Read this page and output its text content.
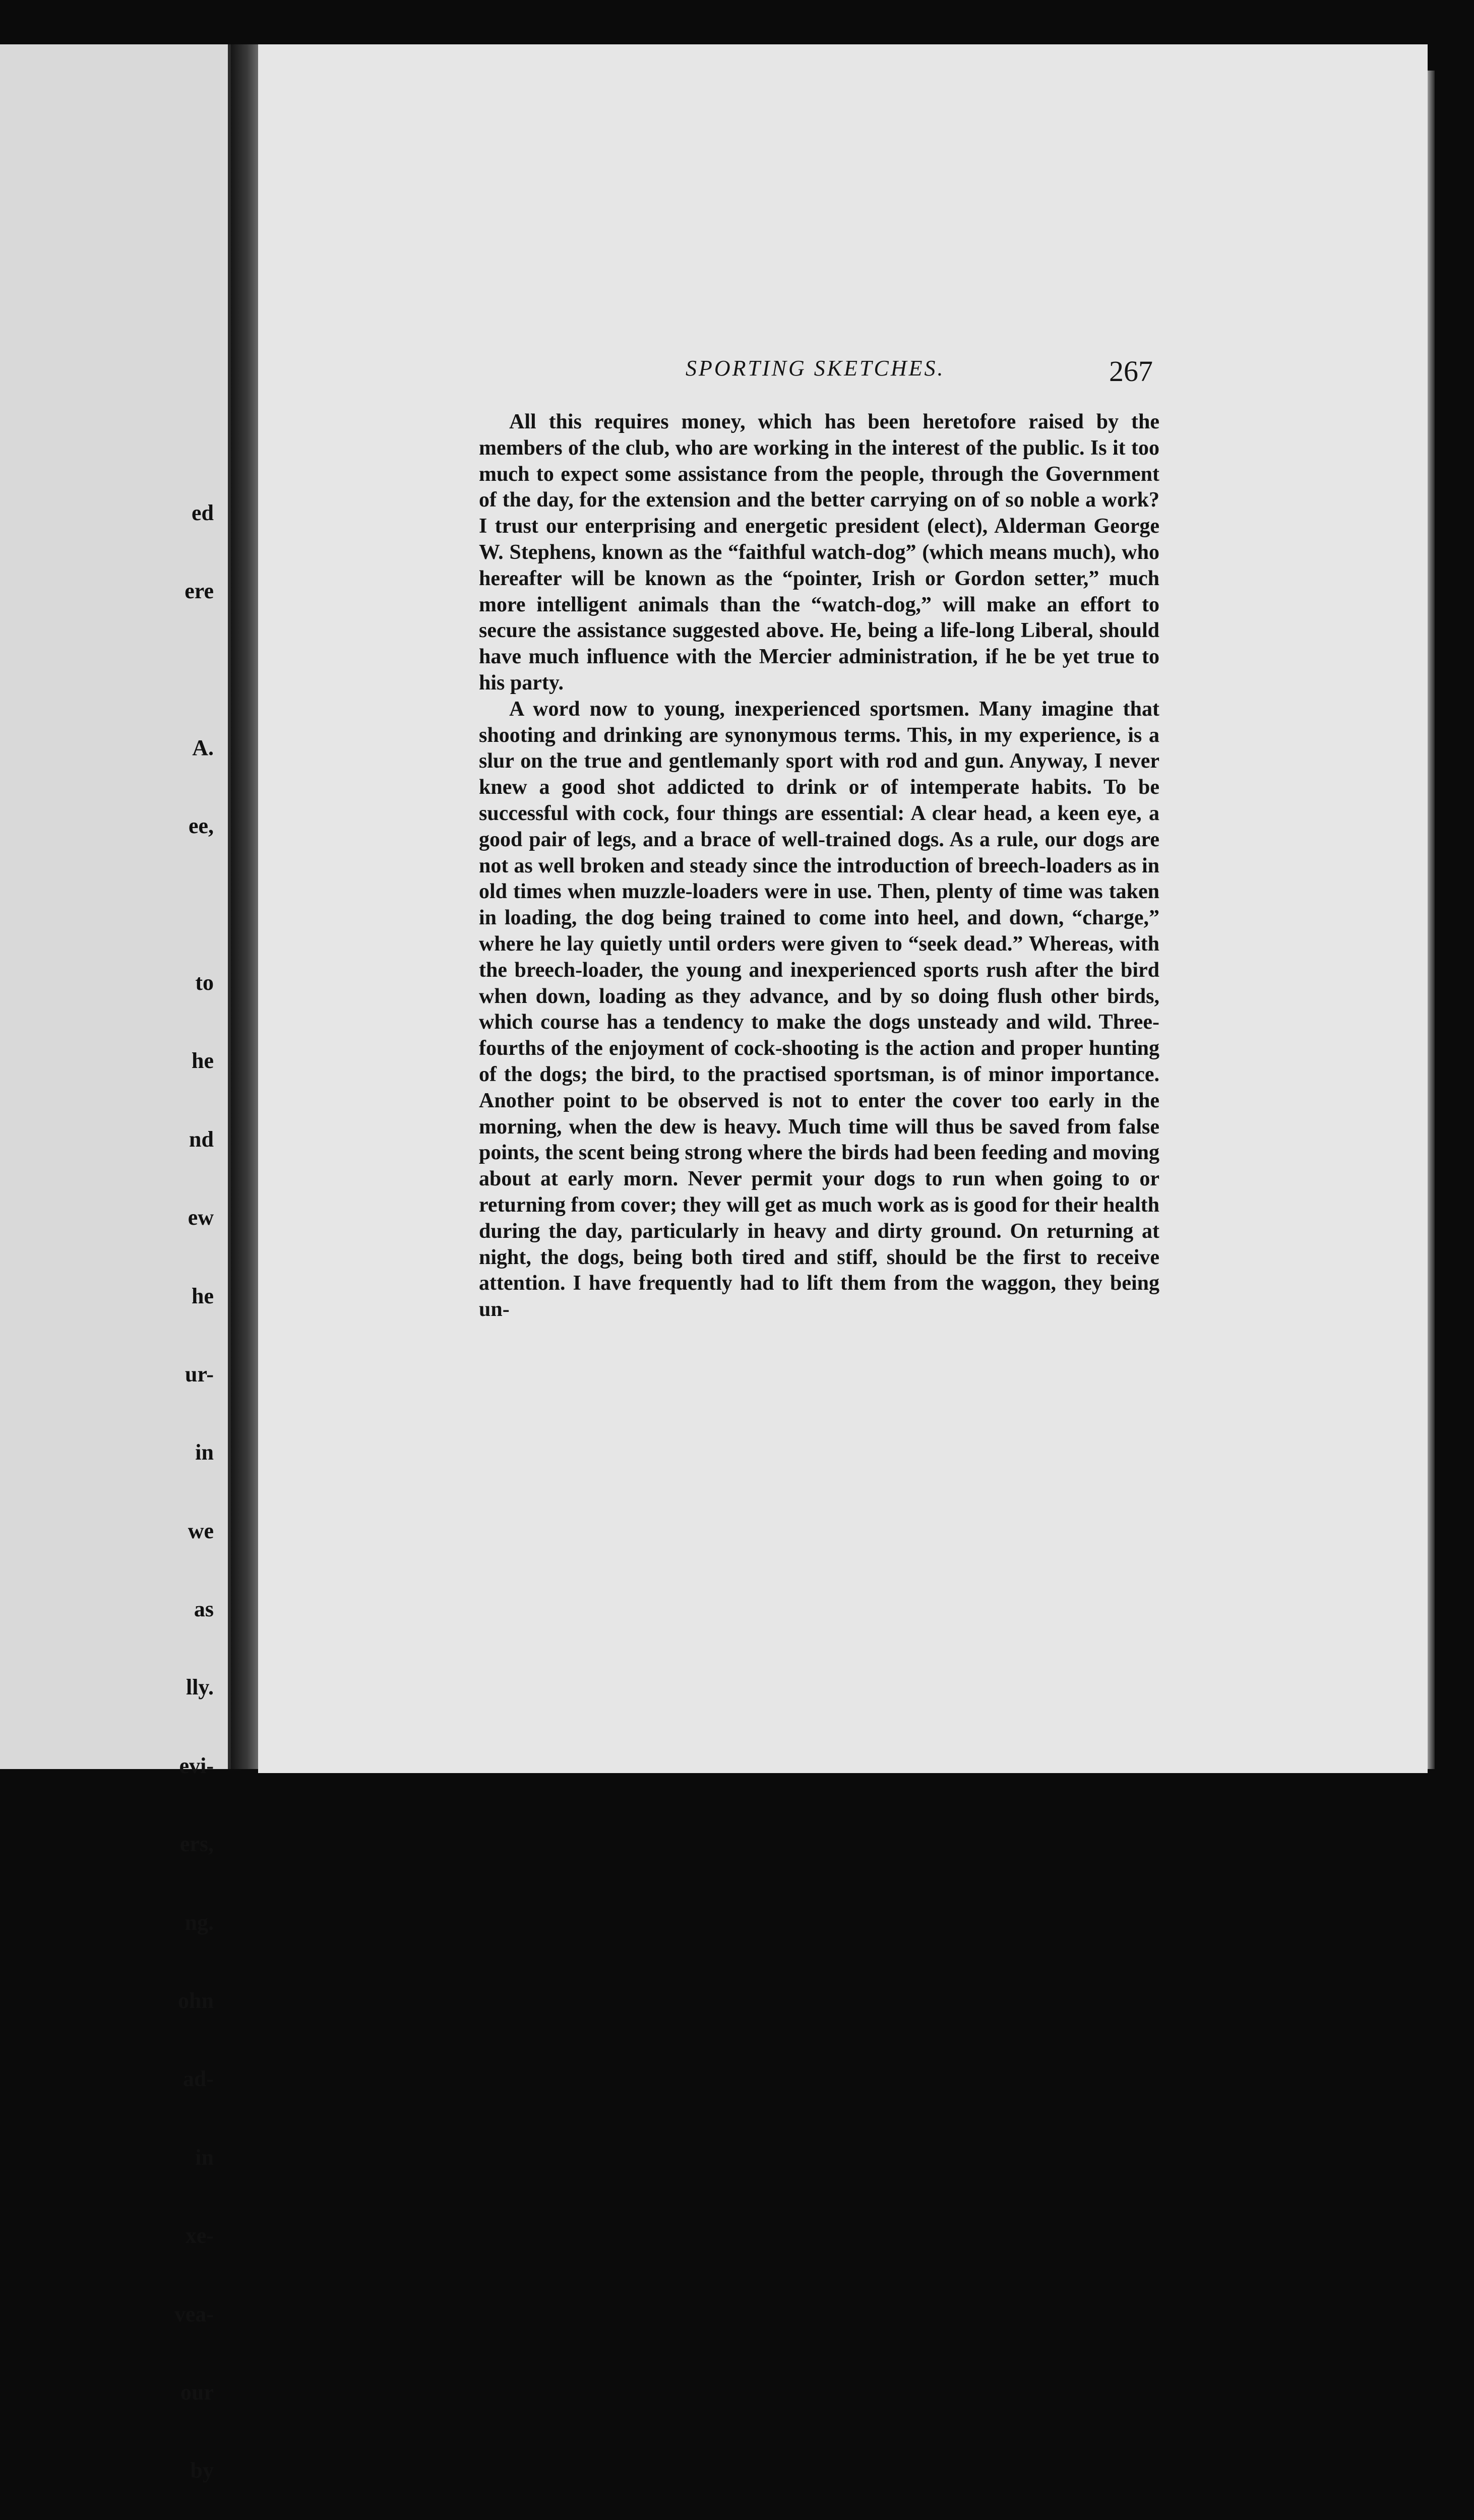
ed

ere

A.

ee,

to

he

nd

ew

he

ur-

in

we

as

lly.

evi-

ers,

ng.

ohn

ad-

in

xe-

vea-

our

by

SPORTING SKETCHES.	267

All this requires money, which has been heretofore raised by the members of the club, who are working in the interest of the public. Is it too much to expect some assistance from the people, through the Government of the day, for the extension and the better carrying on of so noble a work? I trust our enterprising and energetic president (elect), Alderman George W. Stephens, known as the “faithful watch-dog” (which means much), who hereafter will be known as the “pointer, Irish or Gordon setter,” much more intelligent animals than the “watch-dog,” will make an effort to secure the assistance suggested above. He, being a life-long Liberal, should have much influence with the Mercier administration, if he be yet true to his party.

A word now to young, inexperienced sportsmen. Many imagine that shooting and drinking are synonymous terms. This, in my experience, is a slur on the true and gentlemanly sport with rod and gun. Anyway, I never knew a good shot addicted to drink or of intemperate habits. To be successful with cock, four things are essential: A clear head, a keen eye, a good pair of legs, and a brace of well-trained dogs. As a rule, our dogs are not as well broken and steady since the introduction of breech-loaders as in old times when muzzle-loaders were in use. Then, plenty of time was taken in loading, the dog being trained to come into heel, and down, “charge,” where he lay quietly until orders were given to “seek dead.” Whereas, with the breech-loader, the young and inexperienced sports rush after the bird when down, loading as they advance, and by so doing flush other birds, which course has a tendency to make the dogs unsteady and wild. Three-fourths of the enjoyment of cock-shooting is the action and proper hunting of the dogs; the bird, to the practised sportsman, is of minor importance. Another point to be observed is not to enter the cover too early in the morning, when the dew is heavy. Much time will thus be saved from false points, the scent being strong where the birds had been feeding and moving about at early morn. Never permit your dogs to run when going to or returning from cover; they will get as much work as is good for their health during the day, particularly in heavy and dirty ground. On returning at night, the dogs, being both tired and stiff, should be the first to receive attention. I have frequently had to lift them from the waggon, they being un-
